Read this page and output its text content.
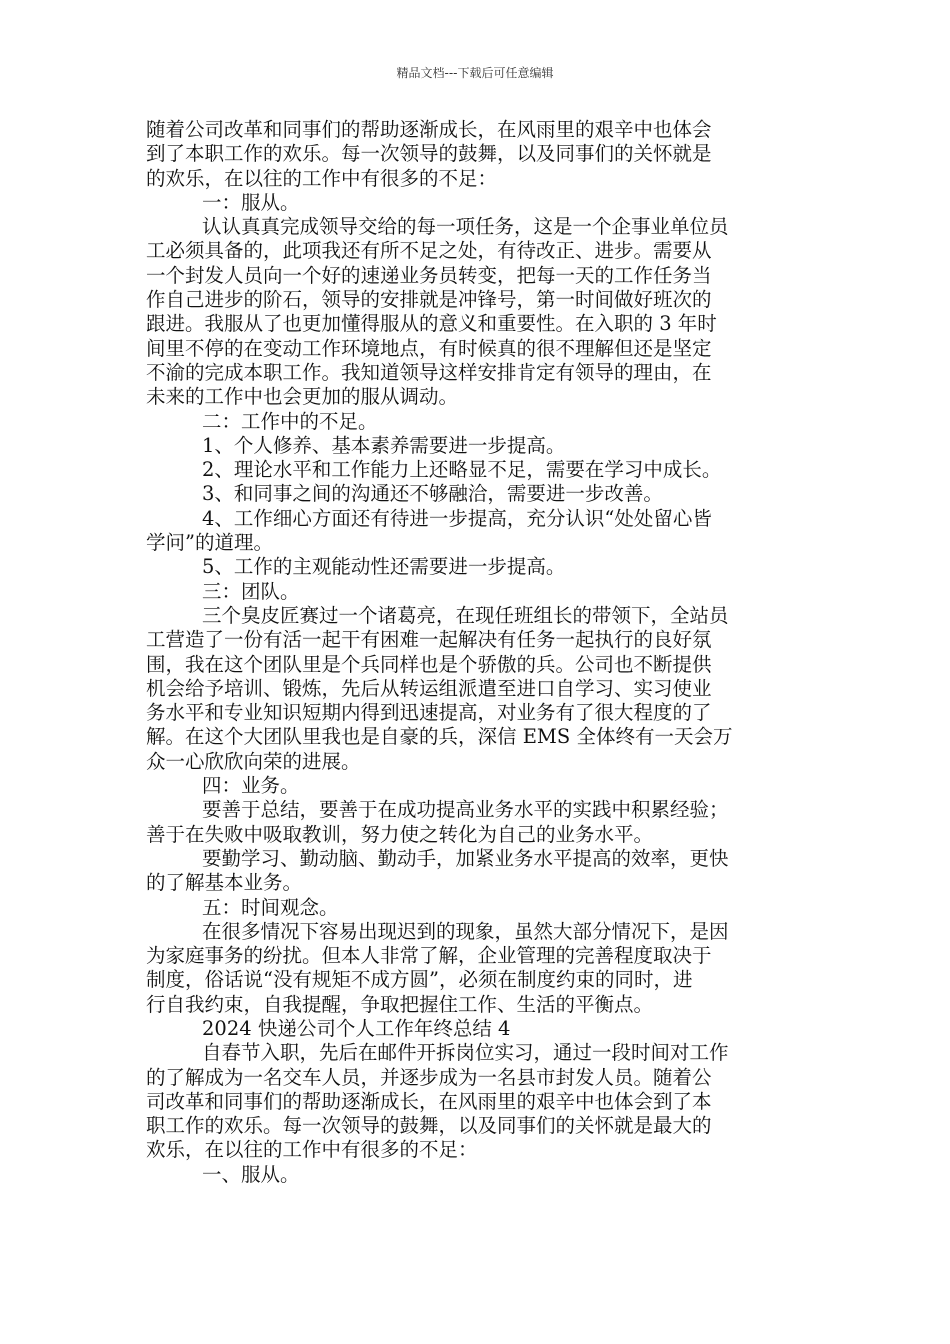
精品文档---下载后可任意编辑
随着公司改革和同事们的帮助逐渐成长，在风雨里的艰辛中也体会
到了本职工作的欢乐。每一次领导的鼓舞，以及同事们的关怀就是
的欢乐，在以往的工作中有很多的不足：
一：服从。
认认真真完成领导交给的每一项任务，这是一个企事业单位员
工必须具备的，此项我还有所不足之处，有待改正、进步。需要从
一个封发人员向一个好的速递业务员转变，把每一天的工作任务当
作自己进步的阶石，领导的安排就是冲锋号，第一时间做好班次的
跟进。我服从了也更加懂得服从的意义和重要性。在入职的 3 年时
间里不停的在变动工作环境地点，有时候真的很不理解但还是坚定
不渝的完成本职工作。我知道领导这样安排肯定有领导的理由，在
未来的工作中也会更加的服从调动。
二：工作中的不足。
1、个人修养、基本素养需要进一步提高。
2、理论水平和工作能力上还略显不足，需要在学习中成长。
3、和同事之间的沟通还不够融洽，需要进一步改善。
4、工作细心方面还有待进一步提高，充分认识“处处留心皆
学问”的道理。
5、工作的主观能动性还需要进一步提高。
三：团队。
三个臭皮匠赛过一个诸葛亮，在现任班组长的带领下，全站员
工营造了一份有活一起干有困难一起解决有任务一起执行的良好氛
围，我在这个团队里是个兵同样也是个骄傲的兵。公司也不断提供
机会给予培训、锻炼，先后从转运组派遣至进口自学习、实习使业
务水平和专业知识短期内得到迅速提高，对业务有了很大程度的了
解。在这个大团队里我也是自豪的兵，深信 EMS 全体终有一天会万
众一心欣欣向荣的进展。
四：业务。
要善于总结，要善于在成功提高业务水平的实践中积累经验；
善于在失败中吸取教训，努力使之转化为自己的业务水平。
要勤学习、勤动脑、勤动手，加紧业务水平提高的效率，更快
的了解基本业务。
五：时间观念。
在很多情况下容易出现迟到的现象，虽然大部分情况下，是因
为家庭事务的纷扰。但本人非常了解，企业管理的完善程度取决于
制度，俗话说“没有规矩不成方圆”，必须在制度约束的同时，进
行自我约束，自我提醒，争取把握住工作、生活的平衡点。
2024 快递公司个人工作年终总结 4
自春节入职，先后在邮件开拆岗位实习，通过一段时间对工作
的了解成为一名交车人员，并逐步成为一名县市封发人员。随着公
司改革和同事们的帮助逐渐成长，在风雨里的艰辛中也体会到了本
职工作的欢乐。每一次领导的鼓舞，以及同事们的关怀就是最大的
欢乐，在以往的工作中有很多的不足：
一、服从。
